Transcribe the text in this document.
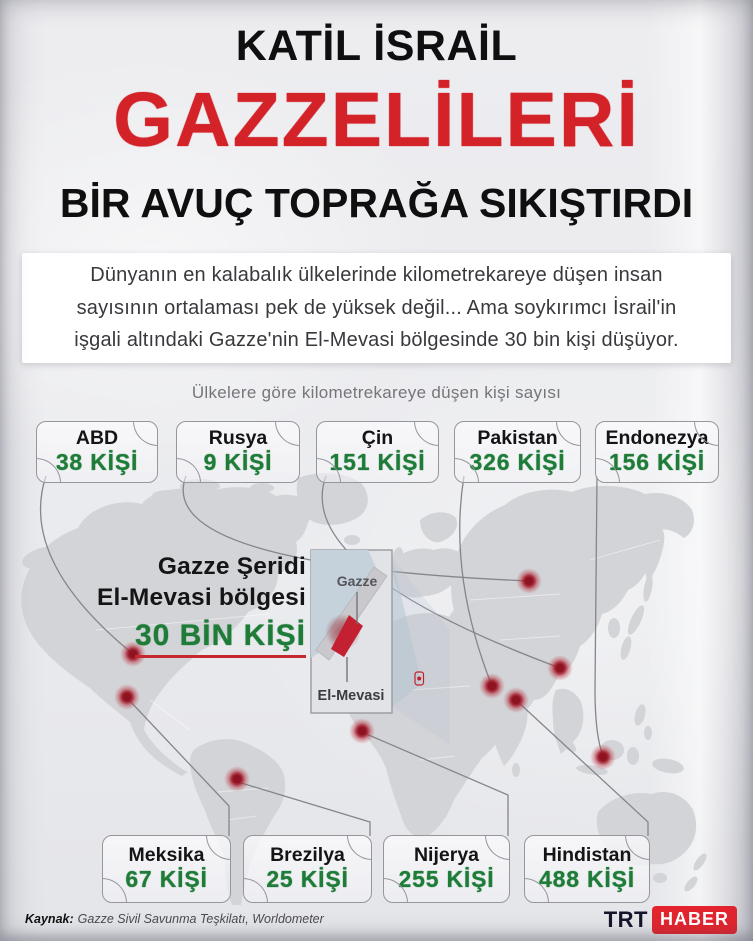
Gazze
El-Mevasi
KATİL İSRAİL
GAZZELİLERİ
BİR AVUÇ TOPRAĞA SIKIŞTIRDI

Dünyanın en kalabalık ülkelerinde kilometrekareye düşen insan sayısının ortalaması pek de yüksek değil... Ama soykırımcı İsrail'in işgali altındaki Gazze'nin El-Mevasi bölgesinde 30 bin kişi düşüyor.

Ülkelere göre kilometrekareye düşen kişi sayısı
ABD
38 KİŞİ
Rusya
9 KİŞİ
Çin
151 KİŞİ
Pakistan
326 KİŞİ
Endonezya
156 KİŞİ
Gazze Şeridi
El-Mevasi bölgesi
30 BİN KİŞİ
Meksika
67 KİŞİ
Brezilya
25 KİŞİ
Nijerya
255 KİŞİ
Hindistan
488 KİŞİ
Kaynak: Gazze Sivil Savunma Teşkilatı, Worldometer	TRT HABER
